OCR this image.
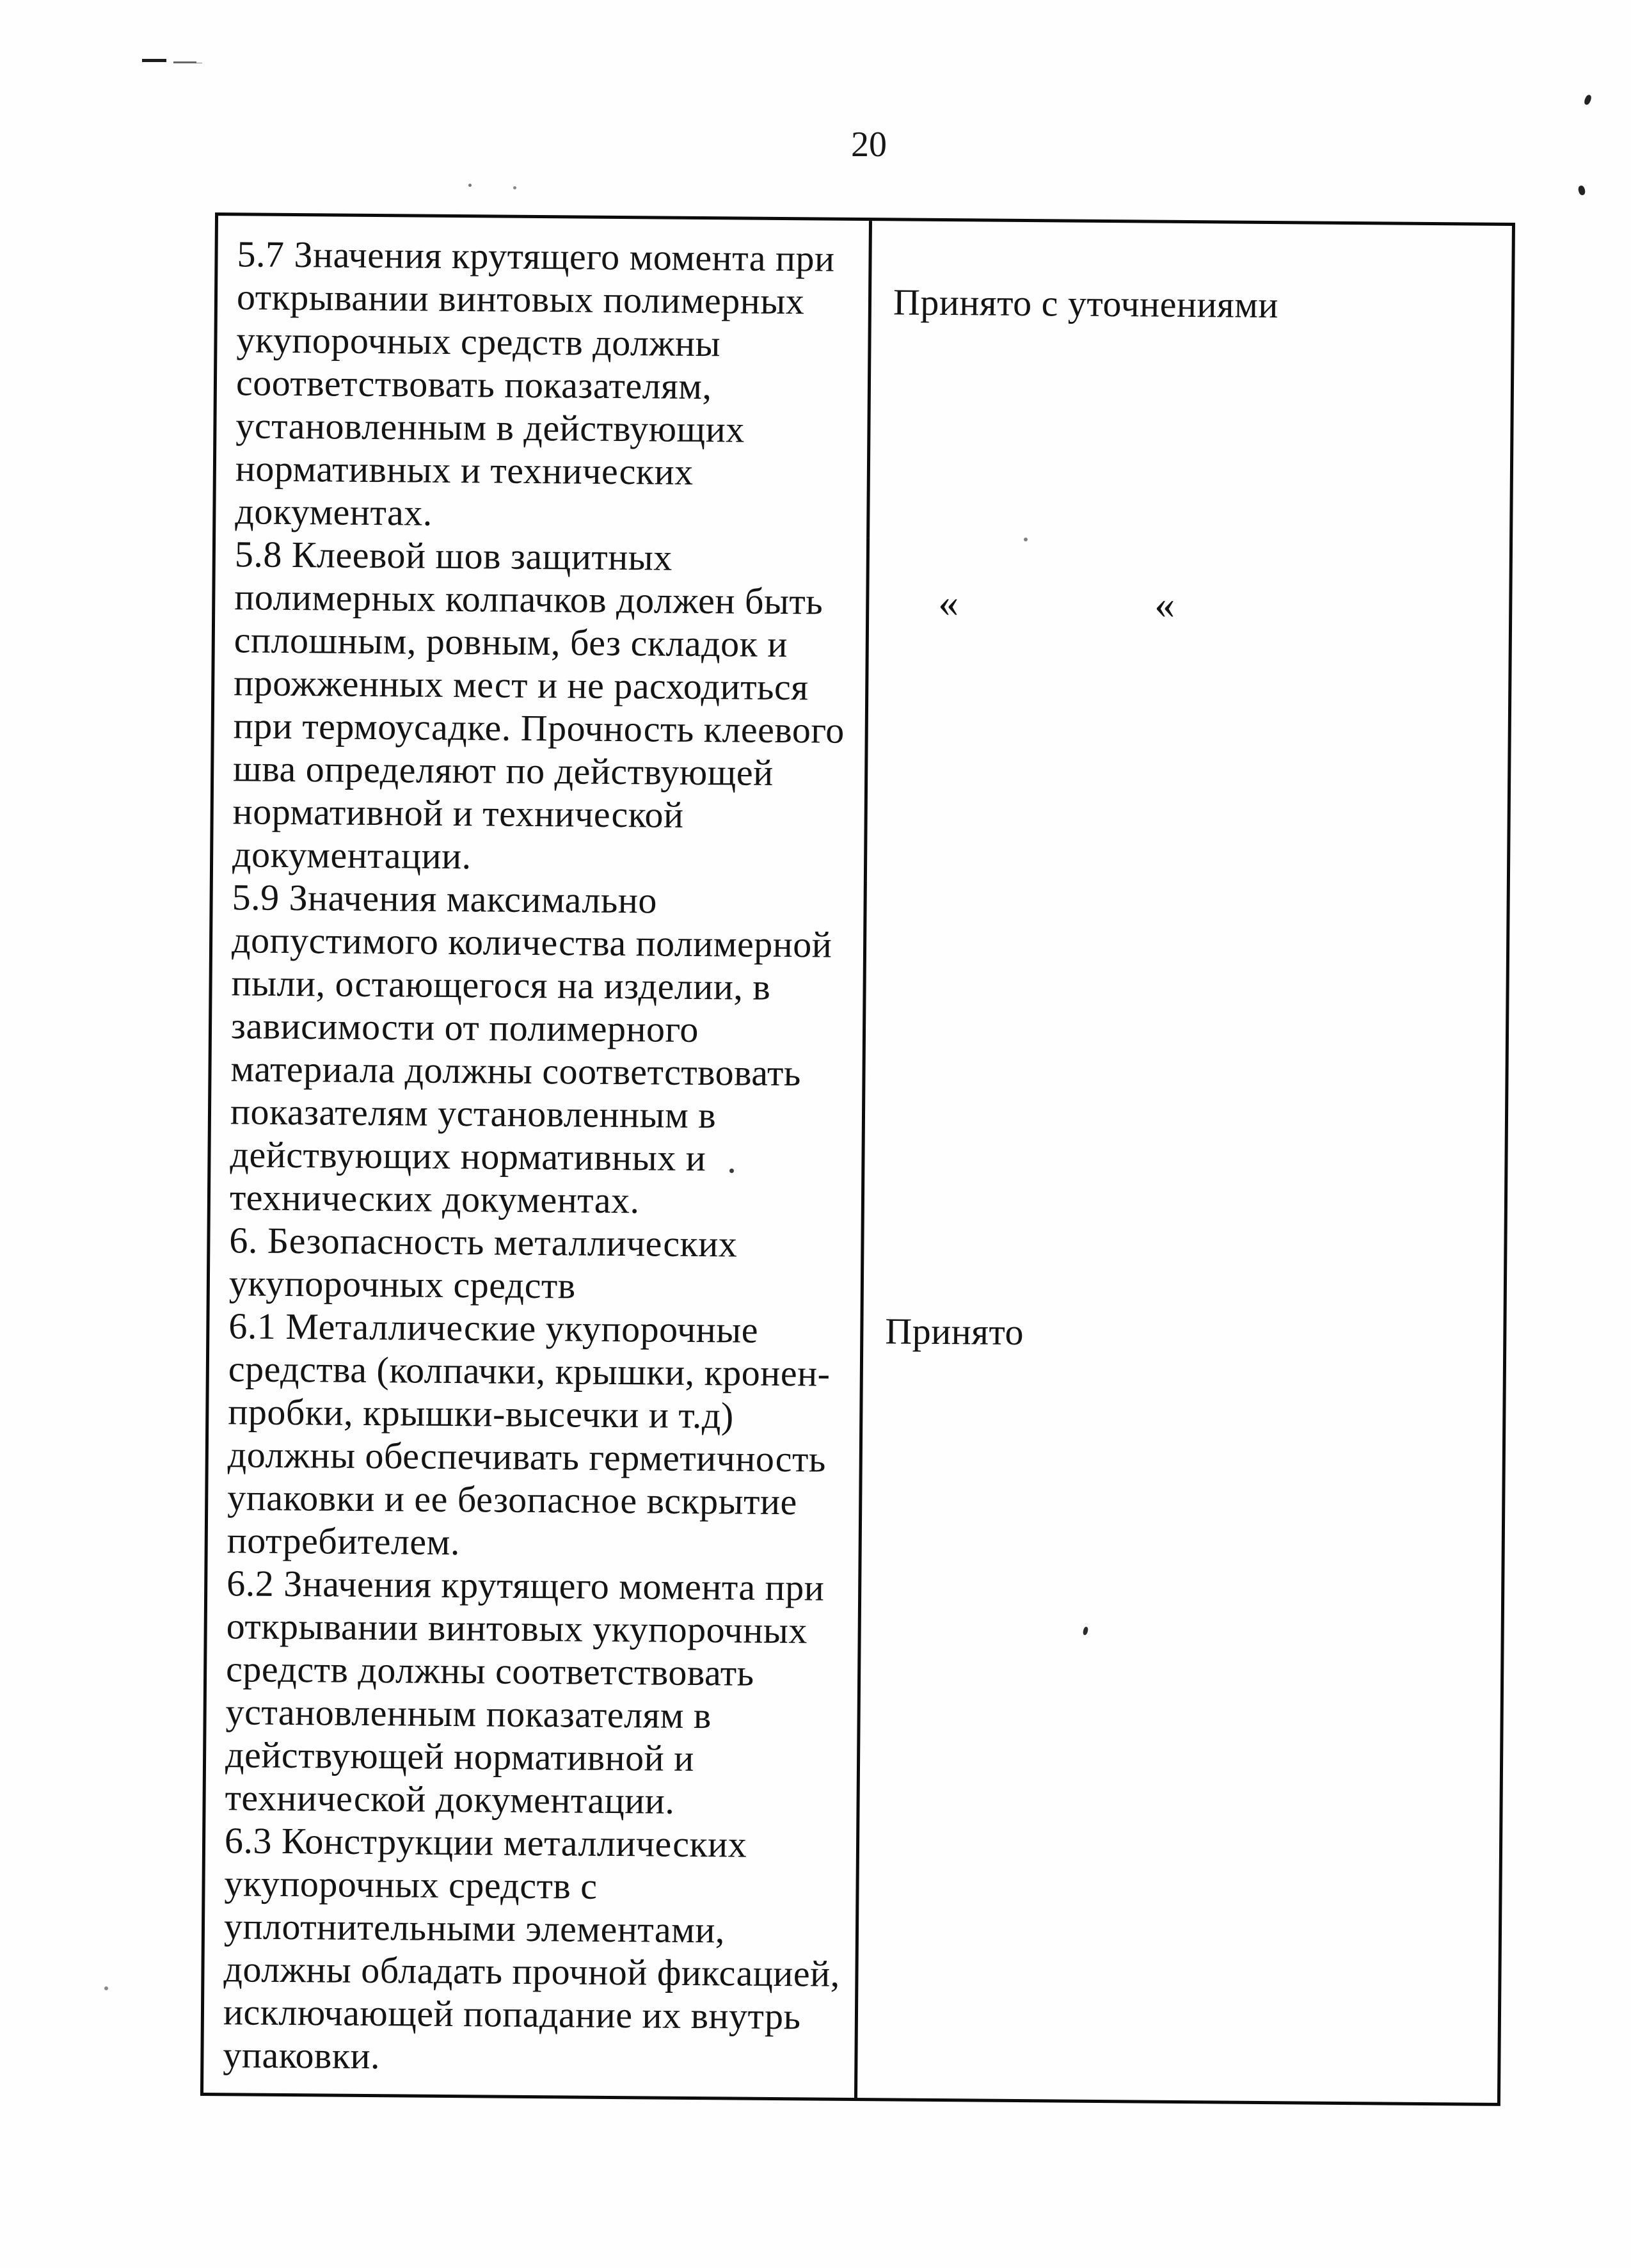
20
5.7 Значения крутящего момента при
открывании винтовых полимерных
укупорочных средств должны
соответствовать показателям,
установленным в действующих
нормативных и технических
документах.
Принято с уточнениями
5.8 Клеевой шов защитных
полимерных колпачков должен быть
сплошным, ровным, без складок и
прожженных мест и не расходиться
при термоусадке. Прочность клеевого
шва определяют по действующей
нормативной и технической
документации.
«	«
5.9 Значения максимально
допустимого количества полимерной
пыли, остающегося на изделии, в
зависимости от полимерного
материала должны соответствовать
показателям установленным в
действующих нормативных и
технических документах.
6. Безопасность металлических
укупорочных средств
6.1 Металлические укупорочные
средства (колпачки, крышки, кронен-
пробки, крышки-высечки и т.д)
должны обеспечивать герметичность
упаковки и ее безопасное вскрытие
потребителем.
Принято
6.2 Значения крутящего момента при
открывании винтовых укупорочных
средств должны соответствовать
установленным показателям в
действующей нормативной и
технической документации.
6.3 Конструкции металлических
укупорочных средств с
уплотнительными элементами,
должны обладать прочной фиксацией,
исключающей попадание их внутрь
упаковки.
